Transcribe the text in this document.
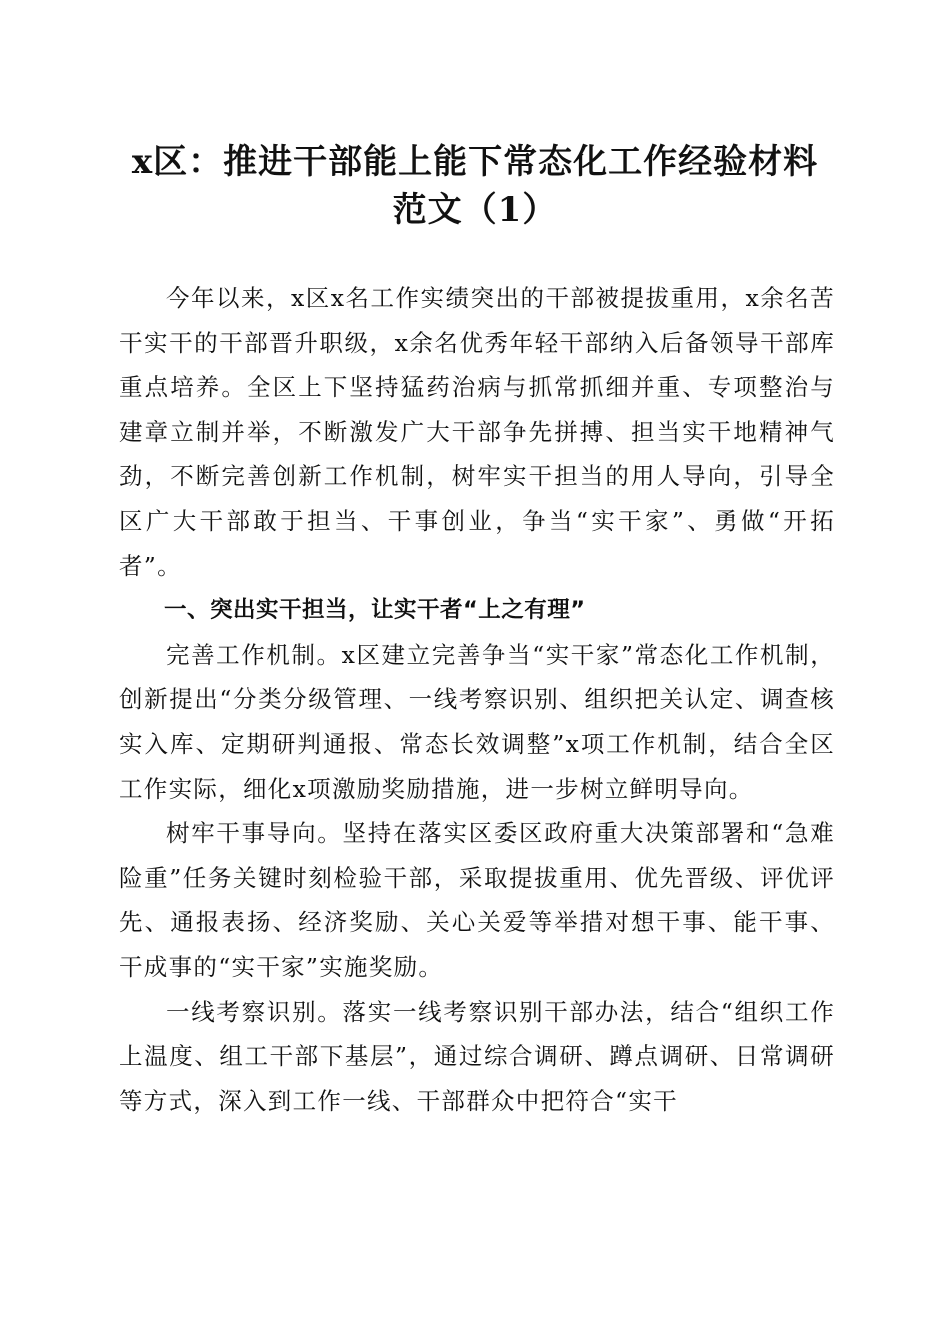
x区：推进干部能上能下常态化工作经验材料
范文（1）

今年以来，x区x名工作实绩突出的干部被提拔重用，x余名苦干实干的干部晋升职级，x余名优秀年轻干部纳入后备领导干部库重点培养。全区上下坚持猛药治病与抓常抓细并重、专项整治与建章立制并举，不断激发广大干部争先拼搏、担当实干地精神气劲，不断完善创新工作机制，树牢实干担当的用人导向，引导全区广大干部敢于担当、干事创业，争当“实干家”、勇做“开拓者”。

一、突出实干担当，让实干者“上之有理”

完善工作机制。x区建立完善争当“实干家”常态化工作机制，创新提出“分类分级管理、一线考察识别、组织把关认定、调查核实入库、定期研判通报、常态长效调整”x项工作机制，结合全区工作实际，细化x项激励奖励措施，进一步树立鲜明导向。

树牢干事导向。坚持在落实区委区政府重大决策部署和“急难险重”任务关键时刻检验干部，采取提拔重用、优先晋级、评优评先、通报表扬、经济奖励、关心关爱等举措对想干事、能干事、干成事的“实干家”实施奖励。

一线考察识别。落实一线考察识别干部办法，结合“组织工作上温度、组工干部下基层”，通过综合调研、蹲点调研、日常调研等方式，深入到工作一线、干部群众中把符合“实干
